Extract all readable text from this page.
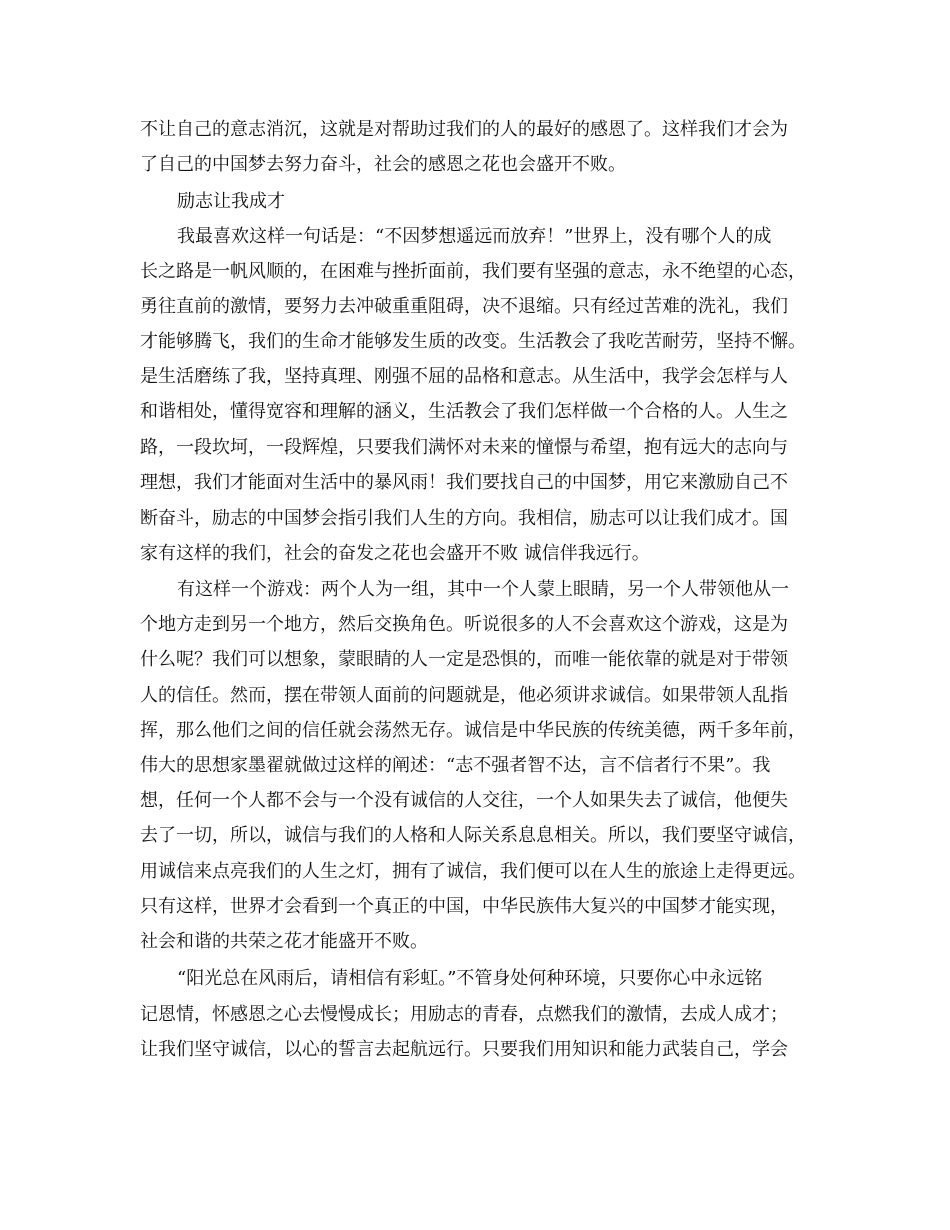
不让自己的意志消沉，这就是对帮助过我们的人的最好的感恩了。这样我们才会为
了自己的中国梦去努力奋斗，社会的感恩之花也会盛开不败。
励志让我成才
我最喜欢这样一句话是：“不因梦想遥远而放弃！”世界上，没有哪个人的成
长之路是一帆风顺的，在困难与挫折面前，我们要有坚强的意志，永不绝望的心态，
勇往直前的激情，要努力去冲破重重阻碍，决不退缩。只有经过苦难的洗礼，我们
才能够腾飞，我们的生命才能够发生质的改变。生活教会了我吃苦耐劳，坚持不懈。
是生活磨练了我，坚持真理、刚强不屈的品格和意志。从生活中，我学会怎样与人
和谐相处，懂得宽容和理解的涵义，生活教会了我们怎样做一个合格的人。人生之
路，一段坎坷，一段辉煌，只要我们满怀对未来的憧憬与希望，抱有远大的志向与
理想，我们才能面对生活中的暴风雨！我们要找自己的中国梦，用它来激励自己不
断奋斗，励志的中国梦会指引我们人生的方向。我相信，励志可以让我们成才。国
家有这样的我们，社会的奋发之花也会盛开不败 诚信伴我远行。
有这样一个游戏：两个人为一组，其中一个人蒙上眼睛，另一个人带领他从一
个地方走到另一个地方，然后交换角色。听说很多的人不会喜欢这个游戏，这是为
什么呢？我们可以想象，蒙眼睛的人一定是恐惧的，而唯一能依靠的就是对于带领
人的信任。然而，摆在带领人面前的问题就是，他必须讲求诚信。如果带领人乱指
挥，那么他们之间的信任就会荡然无存。诚信是中华民族的传统美德，两千多年前，
伟大的思想家墨翟就做过这样的阐述：“志不强者智不达，言不信者行不果”。我
想，任何一个人都不会与一个没有诚信的人交往，一个人如果失去了诚信，他便失
去了一切，所以，诚信与我们的人格和人际关系息息相关。所以，我们要坚守诚信，
用诚信来点亮我们的人生之灯，拥有了诚信，我们便可以在人生的旅途上走得更远。
只有这样，世界才会看到一个真正的中国，中华民族伟大复兴的中国梦才能实现，
社会和谐的共荣之花才能盛开不败。
“阳光总在风雨后，请相信有彩虹。”不管身处何种环境，只要你心中永远铭
记恩情，怀感恩之心去慢慢成长；用励志的青春，点燃我们的激情，去成人成才；
让我们坚守诚信，以心的誓言去起航远行。只要我们用知识和能力武装自己，学会
